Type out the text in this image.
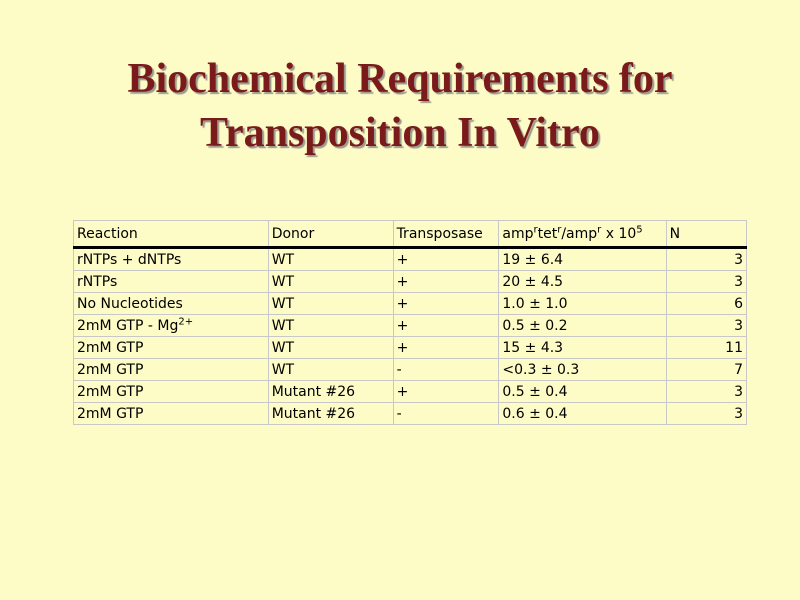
Biochemical Requirements for
Transposition In Vitro
Reaction	Donor	Transposase	amp$^r$tet$^r$/amp$^r$ x $10^5$	N
rNTPs + dNTPs	WT	+	19 ± 6.4	3
rNTPs	WT	+	20 ± 4.5	3
No Nucleotides	WT	+	1.0 ± 1.0	6
2mM GTP - $Mg^{2+}$	WT	+	0.5 ± 0.2	3
2mM GTP	WT	+	15 ± 4.3	11
2mM GTP	WT	-	<0.3 ± 0.3	7
2mM GTP	Mutant #26	+	0.5 ± 0.4	3
2mM GTP	Mutant #26	-	0.6 ± 0.4	3
